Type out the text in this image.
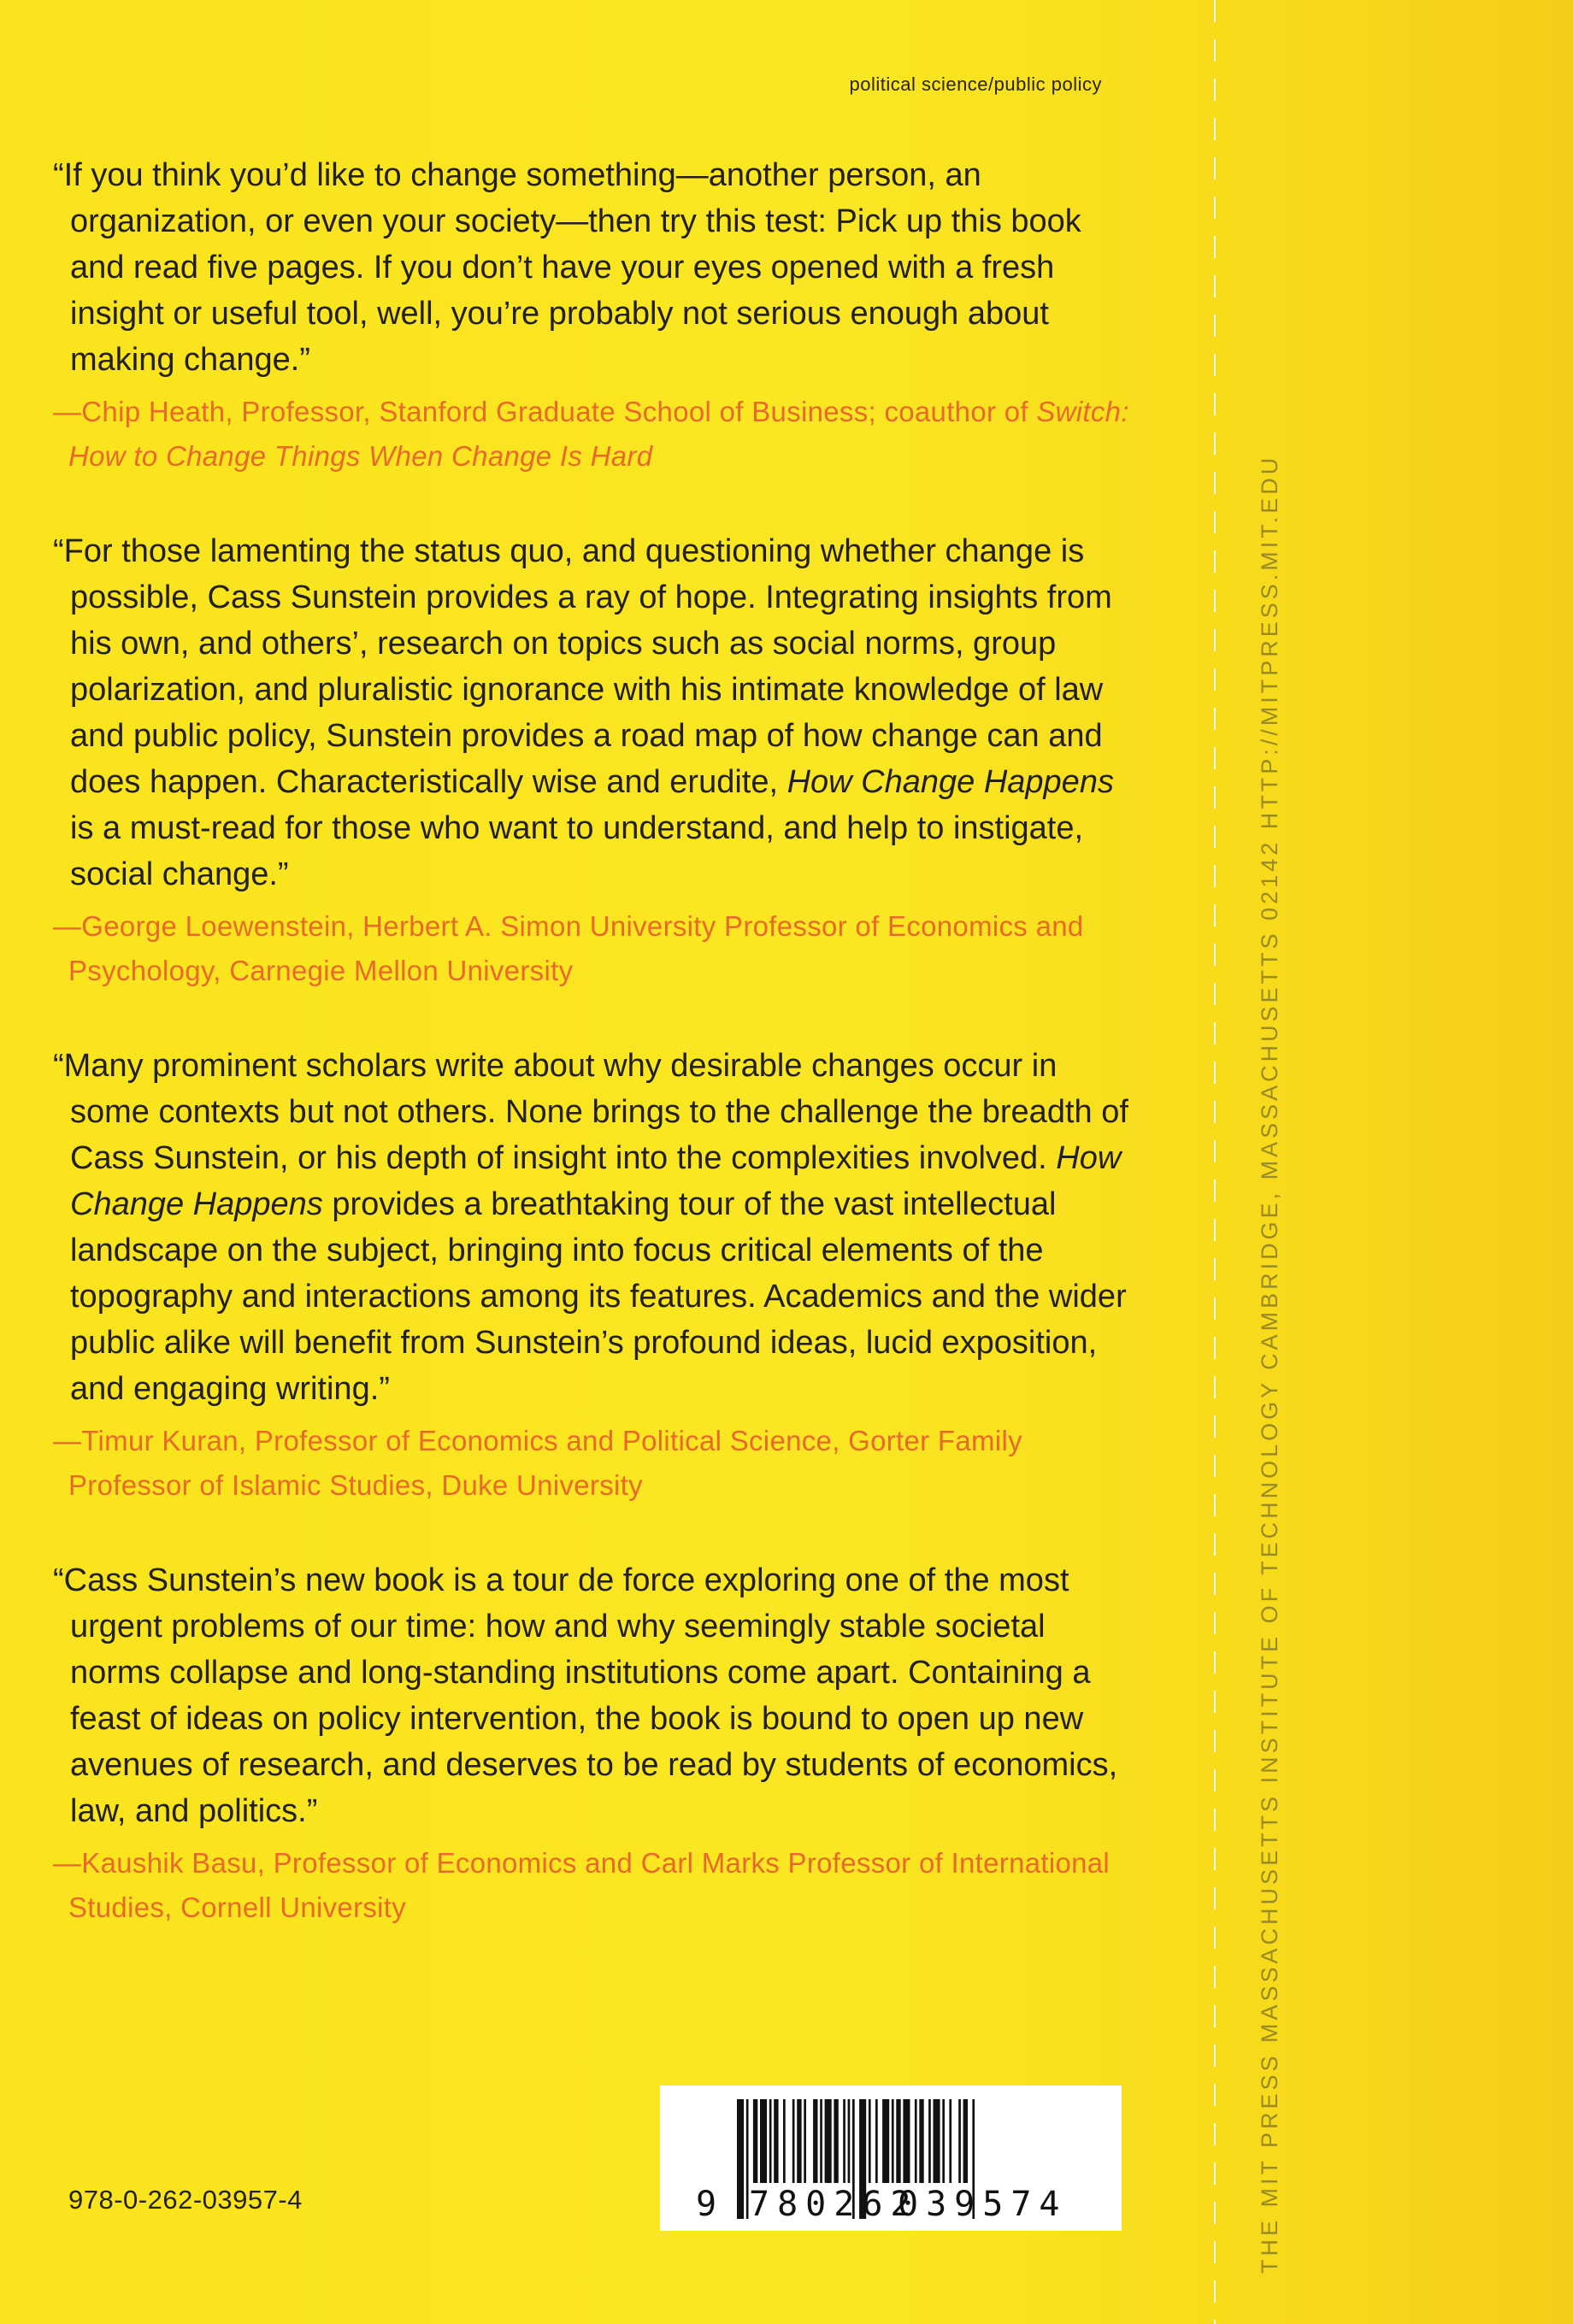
political science/public policy

“If you think you’d like to change something—another person, an organization, or even your society—then try this test: Pick up this book and read five pages. If you don’t have your eyes opened with a fresh insight or useful tool, well, you’re probably not serious enough about making change.”

—Chip Heath, Professor, Stanford Graduate School of Business; coauthor of Switch: How to Change Things When Change Is Hard

“For those lamenting the status quo, and questioning whether change is possible, Cass Sunstein provides a ray of hope. Integrating insights from his own, and others’, research on topics such as social norms, group polarization, and pluralistic ignorance with his intimate knowledge of law and public policy, Sunstein provides a road map of how change can and does happen. Characteristically wise and erudite, How Change Happens is a must-read for those who want to understand, and help to instigate, social change.”

—George Loewenstein, Herbert A. Simon University Professor of Economics and Psychology, Carnegie Mellon University

“Many prominent scholars write about why desirable changes occur in some contexts but not others. None brings to the challenge the breadth of Cass Sunstein, or his depth of insight into the complexities involved. How Change Happens provides a breathtaking tour of the vast intellectual landscape on the subject, bringing into focus critical elements of the topography and interactions among its features. Academics and the wider public alike will benefit from Sunstein’s profound ideas, lucid exposition, and engaging writing.”

—Timur Kuran, Professor of Economics and Political Science, Gorter Family Professor of Islamic Studies, Duke University

“Cass Sunstein’s new book is a tour de force exploring one of the most urgent problems of our time: how and why seemingly stable societal norms collapse and long-standing institutions come apart. Containing a feast of ideas on policy intervention, the book is bound to open up new avenues of research, and deserves to be read by students of economics, law, and politics.”

—Kaushik Basu, Professor of Economics and Carl Marks Professor of International Studies, Cornell University

978-0-262-03957-4	9 780262
039574	THE MIT PRESS MASSACHUSETTS INSTITUTE OF TECHNOLOGY CAMBRIDGE, MASSACHUSETTS 02142 HTTP://MITPRESS.MIT.EDU
